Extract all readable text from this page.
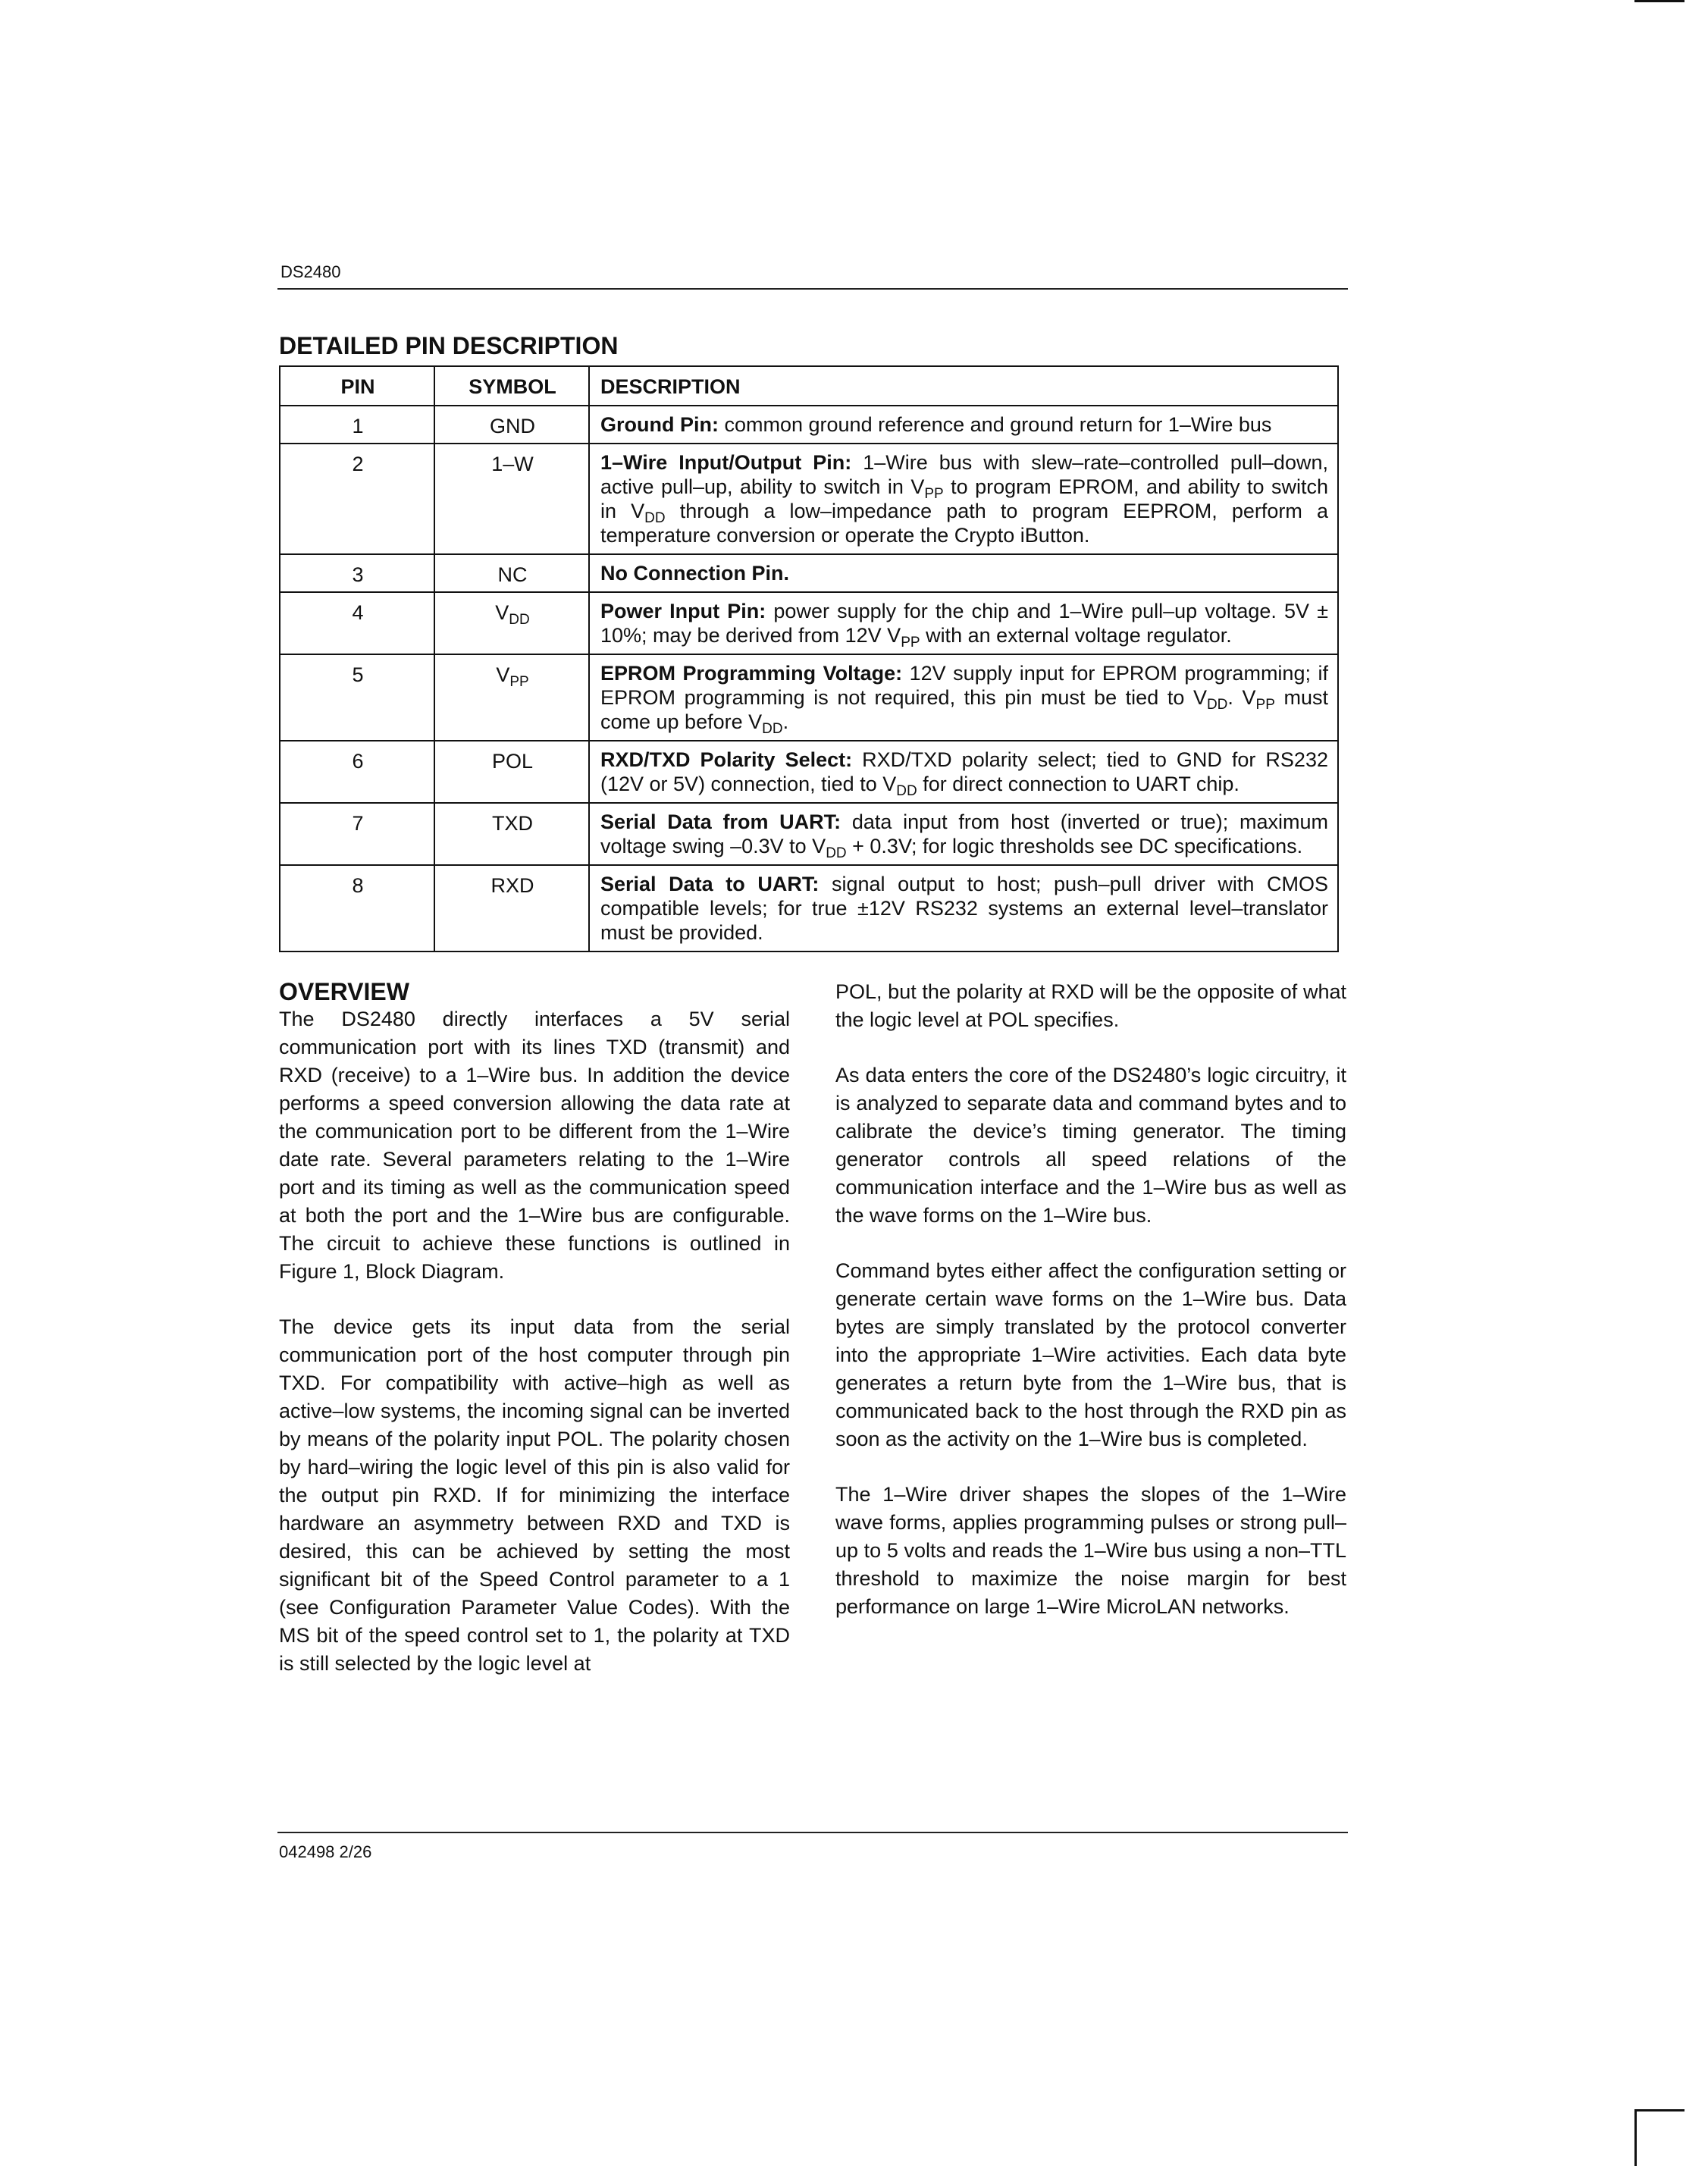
DS2480
DETAILED PIN DESCRIPTION
PIN	SYMBOL	DESCRIPTION
1	GND	Ground Pin: common ground reference and ground return for 1–Wire bus
2	1–W	1–Wire Input/Output Pin: 1–Wire bus with slew–rate–controlled pull–down, active pull–up, ability to switch in $V_{PP}$ to program EPROM, and ability to switch in $V_{DD}$ through a low–impedance path to program EEPROM, perform a temperature conversion or operate the Crypto iButton.
3	NC	No Connection Pin.
4	$V_{DD}$	Power Input Pin: power supply for the chip and 1–Wire pull–up voltage. 5V ± 10%; may be derived from 12V $V_{PP}$ with an external voltage regulator.
5	$V_{PP}$	EPROM Programming Voltage: 12V supply input for EPROM programming; if EPROM programming is not required, this pin must be tied to $V_{DD}$. $V_{PP}$ must come up before $V_{DD}$.
6	POL	RXD/TXD Polarity Select: RXD/TXD polarity select; tied to GND for RS232 (12V or 5V) connection, tied to $V_{DD}$ for direct connection to UART chip.
7	TXD	Serial Data from UART: data input from host (inverted or true); maximum voltage swing –0.3V to $V_{DD} + 0.3V$; for logic thresholds see DC specifications.
8	RXD	Serial Data to UART: signal output to host; push–pull driver with CMOS compatible levels; for true ±12V RS232 systems an external level–translator must be provided.
OVERVIEW

The DS2480 directly interfaces a 5V serial communication port with its lines TXD (transmit) and RXD (receive) to a 1–Wire bus. In addition the device performs a speed conversion allowing the data rate at the communication port to be different from the 1–Wire date rate. Several parameters relating to the 1–Wire port and its timing as well as the communication speed at both the port and the 1–Wire bus are configurable. The circuit to achieve these functions is outlined in Figure 1, Block Diagram.

The device gets its input data from the serial communication port of the host computer through pin TXD. For compatibility with active–high as well as active–low systems, the incoming signal can be inverted by means of the polarity input POL. The polarity chosen by hard–wiring the logic level of this pin is also valid for the output pin RXD. If for minimizing the interface hardware an asymmetry between RXD and TXD is desired, this can be achieved by setting the most significant bit of the Speed Control parameter to a 1 (see Configuration Parameter Value Codes). With the MS bit of the speed control set to 1, the polarity at TXD is still selected by the logic level at

POL, but the polarity at RXD will be the opposite of what the logic level at POL specifies.

As data enters the core of the DS2480’s logic circuitry, it is analyzed to separate data and command bytes and to calibrate the device’s timing generator. The timing generator controls all speed relations of the communication interface and the 1–Wire bus as well as the wave forms on the 1–Wire bus.

Command bytes either affect the configuration setting or generate certain wave forms on the 1–Wire bus. Data bytes are simply translated by the protocol converter into the appropriate 1–Wire activities. Each data byte generates a return byte from the 1–Wire bus, that is communicated back to the host through the RXD pin as soon as the activity on the 1–Wire bus is completed.

The 1–Wire driver shapes the slopes of the 1–Wire wave forms, applies programming pulses or strong pull–up to 5 volts and reads the 1–Wire bus using a non–TTL threshold to maximize the noise margin for best performance on large 1–Wire MicroLAN networks.

042498 2/26
